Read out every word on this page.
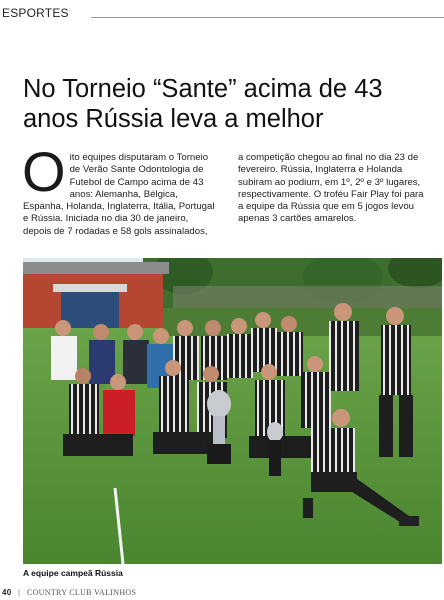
ESPORTES
No Torneio “Sante” acima de 43 anos Rússia leva a melhor
O ito equipes disputaram o Torneio de Verão Sante Odontologia de Futebol de Campo acima de 43 anos: Alemanha, Bélgica, Espanha, Holanda, Inglaterra, Itália, Portugal e Rússia. Iniciada no dia 30 de janeiro, depois de 7 rodadas e 58 gols assinalados,

a competição chegou ao final no dia 23 de fevereiro. Rússia, Inglaterra e Holanda subiram ao podium, em 1º, 2º e 3º lugares, respectivamente. O troféu Fair Play foi para a equipe da Rússia que em 5 jogos levou apenas 3 cartões amarelos.

A equipe campeã Rússia
40 | COUNTRY CLUB VALINHOS
